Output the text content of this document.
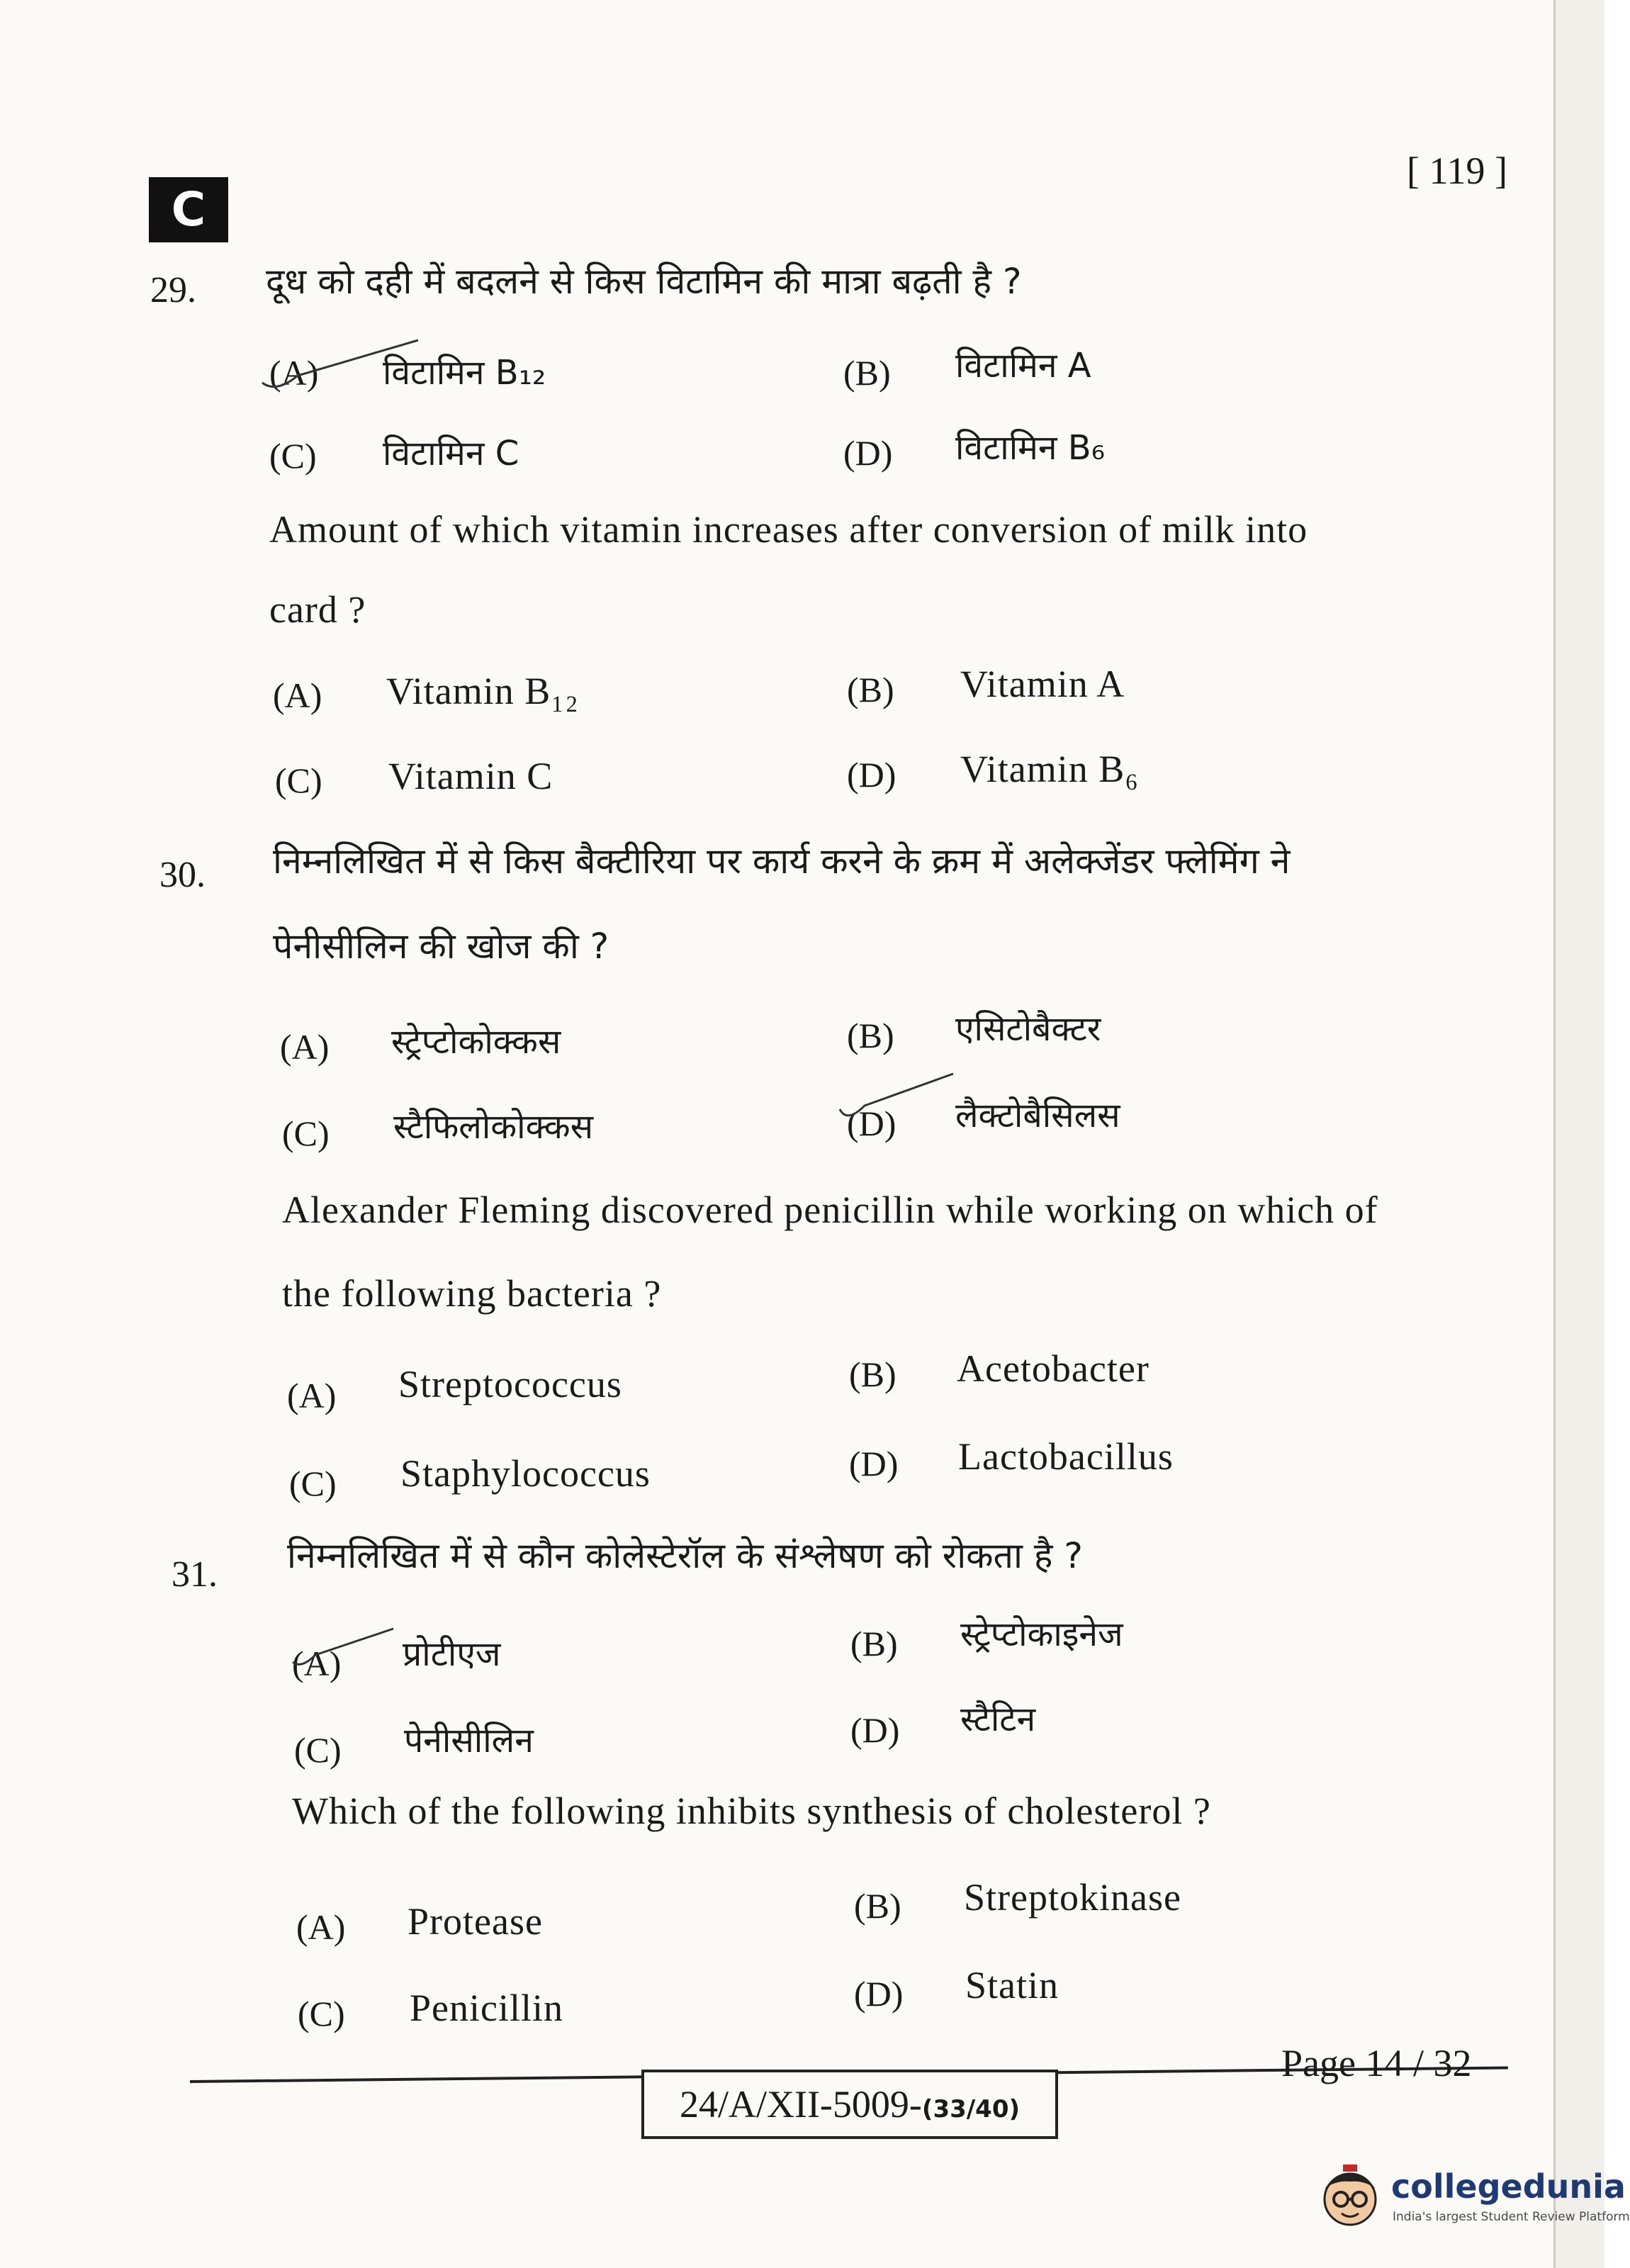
C
[ 119 ]
29. दूध को दही में बदलने से किस विटामिन की मात्रा बढ़ती है ?
(A) विटामिन B₁₂	(B) विटामिन A
(C) विटामिन C	(D) विटामिन B₆
Amount of which vitamin increases after conversion of milk into
card ?
(A) Vitamin B₁₂	(B) Vitamin A
(C) Vitamin C	(D) Vitamin B₆
30. निम्नलिखित में से किस बैक्टीरिया पर कार्य करने के क्रम में अलेक्जेंडर फ्लेमिंग ने
पेनीसीलिन की खोज की ?
(A) स्ट्रेप्टोकोक्कस	(B) एसिटोबैक्टर
(C) स्टैफिलोकोक्कस	(D) लैक्टोबैसिलस
Alexander Fleming discovered penicillin while working on which of
the following bacteria ?
(A) Streptococcus	(B) Acetobacter
(C) Staphylococcus	(D) Lactobacillus
31. निम्नलिखित में से कौन कोलेस्टेरॉल के संश्लेषण को रोकता है ?
(A) प्रोटीएज	(B) स्ट्रेप्टोकाइनेज
(C) पेनीसीलिन	(D) स्टैटिन
Which of the following inhibits synthesis of cholesterol ?
(A) Protease	(B) Streptokinase
(C) Penicillin	(D) Statin
24/A/XII-5009-(33/40)
Page 14 / 32
collegedunia
India's largest Student Review Platform
